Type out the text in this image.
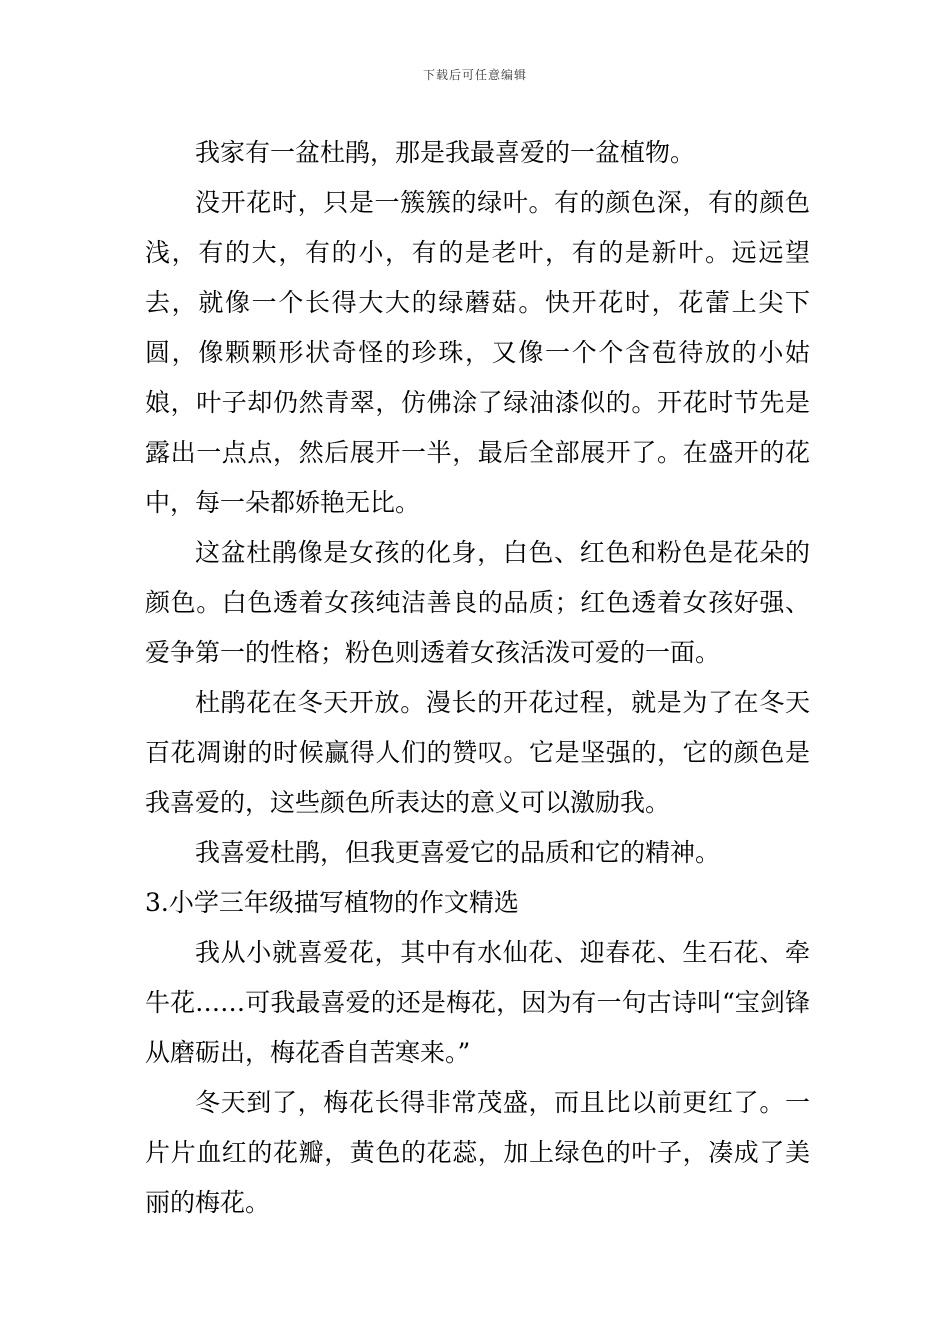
下载后可任意编辑

我家有一盆杜鹃，那是我最喜爱的一盆植物。

没开花时，只是一簇簇的绿叶。有的颜色深，有的颜色浅，有的大，有的小，有的是老叶，有的是新叶。远远望去，就像一个长得大大的绿蘑菇。快开花时，花蕾上尖下圆，像颗颗形状奇怪的珍珠，又像一个个含苞待放的小姑娘，叶子却仍然青翠，仿佛涂了绿油漆似的。开花时节先是露出一点点，然后展开一半，最后全部展开了。在盛开的花中，每一朵都娇艳无比。

这盆杜鹃像是女孩的化身，白色、红色和粉色是花朵的颜色。白色透着女孩纯洁善良的品质；红色透着女孩好强、爱争第一的性格；粉色则透着女孩活泼可爱的一面。

杜鹃花在冬天开放。漫长的开花过程，就是为了在冬天百花凋谢的时候赢得人们的赞叹。它是坚强的，它的颜色是我喜爱的，这些颜色所表达的意义可以激励我。

我喜爱杜鹃，但我更喜爱它的品质和它的精神。

3.小学三年级描写植物的作文精选

我从小就喜爱花，其中有水仙花、迎春花、生石花、牵牛花……可我最喜爱的还是梅花，因为有一句古诗叫“宝剑锋从磨砺出，梅花香自苦寒来。”

冬天到了，梅花长得非常茂盛，而且比以前更红了。一片片血红的花瓣，黄色的花蕊，加上绿色的叶子，凑成了美丽的梅花。
